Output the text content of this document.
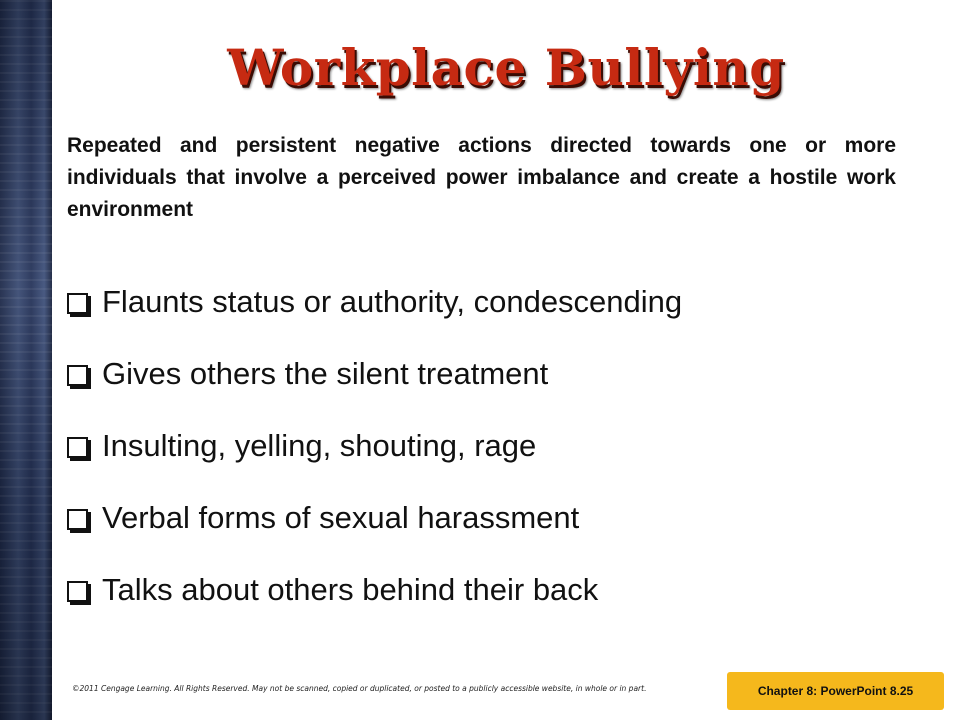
Workplace Bullying
Repeated and persistent negative actions directed towards one or more individuals that involve a perceived power imbalance and create a hostile work environment
Flaunts status or authority, condescending
Gives others the silent treatment
Insulting, yelling, shouting, rage
Verbal forms of sexual harassment
Talks about others behind their back
©2011 Cengage Learning. All Rights Reserved. May not be scanned, copied or duplicated, or posted to a publicly accessible website, in whole or in part.	Chapter 8: PowerPoint 8.25
